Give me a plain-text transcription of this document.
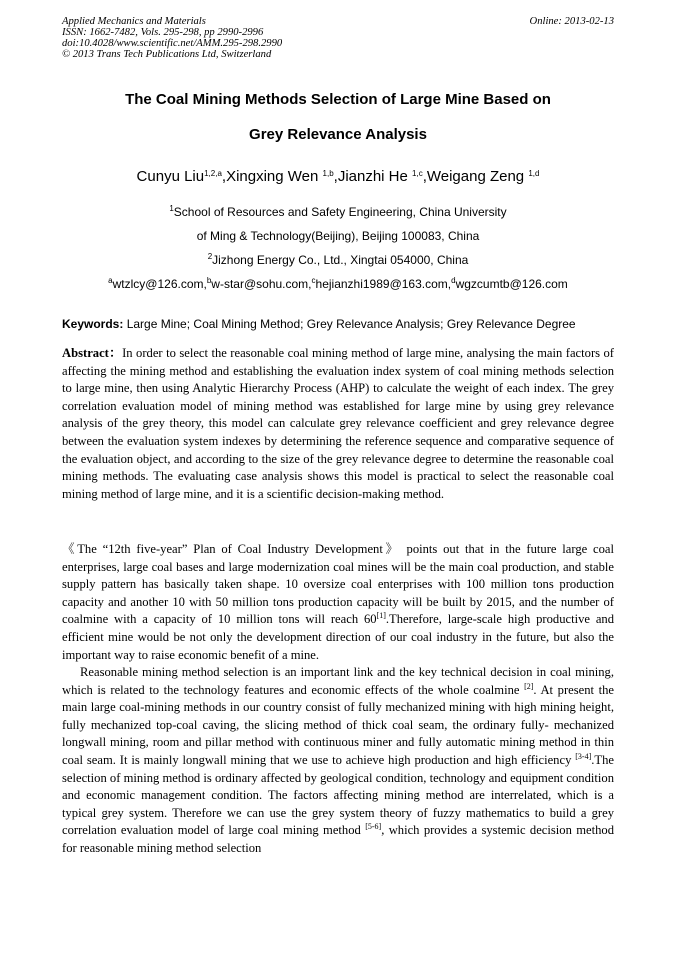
Applied Mechanics and Materials
ISSN: 1662-7482, Vols. 295-298, pp 2990-2996
doi:10.4028/www.scientific.net/AMM.295-298.2990
© 2013 Trans Tech Publications Ltd, Switzerland
Online: 2013-02-13
The Coal Mining Methods Selection of Large Mine Based on
Grey Relevance Analysis
Cunyu Liu$^{1,2,a}$,Xingxing Wen $^{1,b}$,Jianzhi He $^{1,c}$,Weigang Zeng $^{1,d}$
$^1$School of Resources and Safety Engineering, China University
of Ming & Technology(Beijing), Beijing 100083, China
$^2$Jizhong Energy Co., Ltd., Xingtai 054000, China
$^a$wtzlcy@126.com,$^b$w-star@sohu.com,$^c$hejianzhi1989@163.com,$^d$wgzcumtb@126.com
Keywords: Large Mine; Coal Mining Method; Grey Relevance Analysis; Grey Relevance Degree
Abstract：In order to select the reasonable coal mining method of large mine, analysing the main factors of affecting the mining method and establishing the evaluation index system of coal mining methods selection to large mine, then using Analytic Hierarchy Process (AHP) to calculate the weight of each index. The grey correlation evaluation model of mining method was established for large mine by using grey relevance analysis of the grey theory, this model can calculate grey relevance coefficient and grey relevance degree between the evaluation system indexes by determining the reference sequence and comparative sequence of the evaluation object, and according to the size of the grey relevance degree to determine the reasonable coal mining methods. The evaluating case analysis shows this model is practical to select the reasonable coal mining method of large mine, and it is a scientific decision-making method.
《The “12th five-year” Plan of Coal Industry Development》 points out that in the future large coal enterprises, large coal bases and large modernization coal mines will be the main coal production, and stable supply pattern has basically taken shape. 10 oversize coal enterprises with 100 million tons production capacity and another 10 with 50 million tons production capacity will be built by 2015, and the number of coalmine with a capacity of 10 million tons will reach 60[1].Therefore, large-scale high productive and efficient mine would be not only the development direction of our coal industry in the future, but also the important way to raise economic benefit of a mine.
Reasonable mining method selection is an important link and the key technical decision in coal mining, which is related to the technology features and economic effects of the whole coalmine [2]. At present the main large coal-mining methods in our country consist of fully mechanized mining with high mining height, fully mechanized top-coal caving, the slicing method of thick coal seam, the ordinary fully- mechanized longwall mining, room and pillar method with continuous miner and fully automatic mining method in thin coal seam. It is mainly longwall mining that we use to achieve high production and high efficiency [3-4].The selection of mining method is ordinary affected by geological condition, technology and equipment condition and economic management condition. The factors affecting mining method are interrelated, which is a typical grey system. Therefore we can use the grey system theory of fuzzy mathematics to build a grey correlation evaluation model of large coal mining method [5-6], which provides a systemic decision method for reasonable mining method selection
